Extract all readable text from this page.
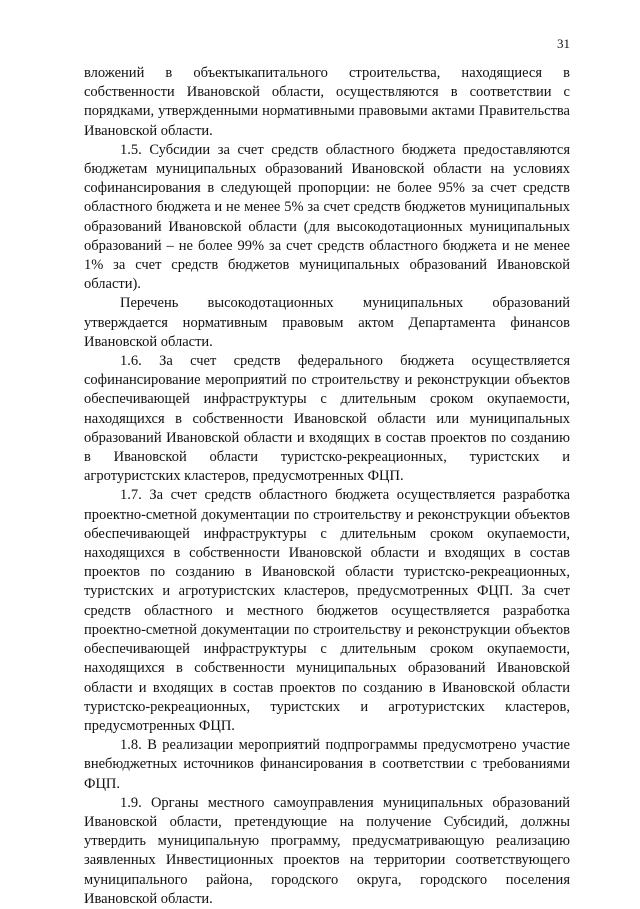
31

вложений в объектыкапитального строительства, находящиеся в собственности Ивановской области, осуществляются в соответствии с порядками, утвержденными нормативными правовыми актами Правительства Ивановской области.

1.5. Субсидии за счет средств областного бюджета предоставляются бюджетам муниципальных образований Ивановской области на условиях софинансирования в следующей пропорции: не более 95% за счет средств областного бюджета и не менее 5% за счет средств бюджетов муниципальных образований Ивановской области (для высокодотационных муниципальных образований – не более 99% за счет средств областного бюджета и не менее 1% за счет средств бюджетов муниципальных образований Ивановской области).

Перечень высокодотационных муниципальных образований утверждается нормативным правовым актом Департамента финансов Ивановской области.

1.6. За счет средств федерального бюджета осуществляется софинансирование мероприятий по строительству и реконструкции объектов обеспечивающей инфраструктуры с длительным сроком окупаемости, находящихся в собственности Ивановской области или муниципальных образований Ивановской области и входящих в состав проектов по созданию в Ивановской области туристско-рекреационных, туристских и агротуристских кластеров, предусмотренных ФЦП.

1.7. За счет средств областного бюджета осуществляется разработка проектно-сметной документации по строительству и реконструкции объектов обеспечивающей инфраструктуры с длительным сроком окупаемости, находящихся в собственности Ивановской области и входящих в состав проектов по созданию в Ивановской области туристско-рекреационных, туристских и агротуристских кластеров, предусмотренных ФЦП. За счет средств областного и местного бюджетов осуществляется разработка проектно-сметной документации по строительству и реконструкции объектов обеспечивающей инфраструктуры с длительным сроком окупаемости, находящихся в собственности муниципальных образований Ивановской области и входящих в состав проектов по созданию в Ивановской области туристско-рекреационных, туристских и агротуристских кластеров, предусмотренных ФЦП.

1.8. В реализации мероприятий подпрограммы предусмотрено участие внебюджетных источников финансирования в соответствии с требованиями ФЦП.

1.9. Органы местного самоуправления муниципальных образований Ивановской области, претендующие на получение Субсидий, должны утвердить муниципальную программу, предусматривающую реализацию заявленных Инвестиционных проектов на территории соответствующего муниципального района, городского округа, городского поселения Ивановской области.
